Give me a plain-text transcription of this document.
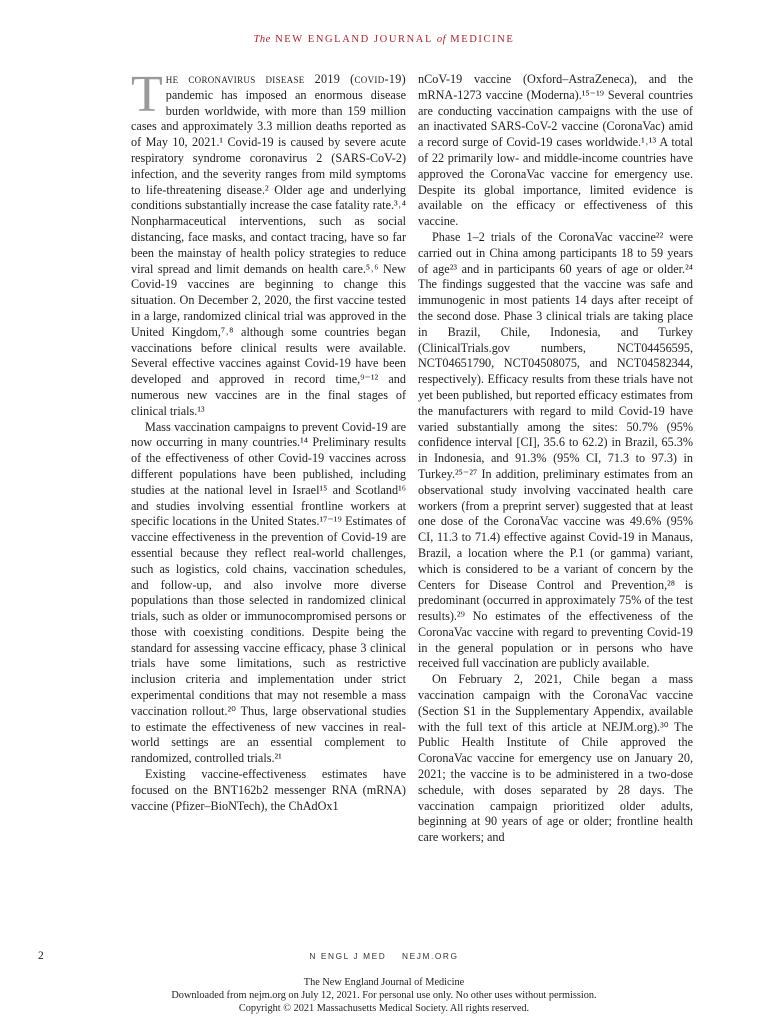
The NEW ENGLAND JOURNAL of MEDICINE

The coronavirus disease 2019 (covid-19) pandemic has imposed an enormous disease burden worldwide, with more than 159 million cases and approximately 3.3 million deaths reported as of May 10, 2021.¹ Covid-19 is caused by severe acute respiratory syndrome coronavirus 2 (SARS-CoV-2) infection, and the severity ranges from mild symptoms to life-threatening disease.² Older age and underlying conditions substantially increase the case fatality rate.³˒⁴ Nonpharmaceutical interventions, such as social distancing, face masks, and contact tracing, have so far been the mainstay of health policy strategies to reduce viral spread and limit demands on health care.⁵˒⁶ New Covid-19 vaccines are beginning to change this situation. On December 2, 2020, the first vaccine tested in a large, randomized clinical trial was approved in the United Kingdom,⁷˒⁸ although some countries began vaccinations before clinical results were available. Several effective vaccines against Covid-19 have been developed and approved in record time,⁹⁻¹² and numerous new vaccines are in the final stages of clinical trials.¹³

Mass vaccination campaigns to prevent Covid-19 are now occurring in many countries.¹⁴ Preliminary results of the effectiveness of other Covid-19 vaccines across different populations have been published, including studies at the national level in Israel¹⁵ and Scotland¹⁶ and studies involving essential frontline workers at specific locations in the United States.¹⁷⁻¹⁹ Estimates of vaccine effectiveness in the prevention of Covid-19 are essential because they reflect real-world challenges, such as logistics, cold chains, vaccination schedules, and follow-up, and also involve more diverse populations than those selected in randomized clinical trials, such as older or immunocompromised persons or those with coexisting conditions. Despite being the standard for assessing vaccine efficacy, phase 3 clinical trials have some limitations, such as restrictive inclusion criteria and implementation under strict experimental conditions that may not resemble a mass vaccination rollout.²⁰ Thus, large observational studies to estimate the effectiveness of new vaccines in real-world settings are an essential complement to randomized, controlled trials.²¹

Existing vaccine-effectiveness estimates have focused on the BNT162b2 messenger RNA (mRNA) vaccine (Pfizer–BioNTech), the ChAdOx1

nCoV-19 vaccine (Oxford–AstraZeneca), and the mRNA-1273 vaccine (Moderna).¹⁵⁻¹⁹ Several countries are conducting vaccination campaigns with the use of an inactivated SARS-CoV-2 vaccine (CoronaVac) amid a record surge of Covid-19 cases worldwide.¹˒¹³ A total of 22 primarily low- and middle-income countries have approved the CoronaVac vaccine for emergency use. Despite its global importance, limited evidence is available on the efficacy or effectiveness of this vaccine.

Phase 1–2 trials of the CoronaVac vaccine²² were carried out in China among participants 18 to 59 years of age²³ and in participants 60 years of age or older.²⁴ The findings suggested that the vaccine was safe and immunogenic in most patients 14 days after receipt of the second dose. Phase 3 clinical trials are taking place in Brazil, Chile, Indonesia, and Turkey (ClinicalTrials.gov numbers, NCT04456595, NCT04651790, NCT04508075, and NCT04582344, respectively). Efficacy results from these trials have not yet been published, but reported efficacy estimates from the manufacturers with regard to mild Covid-19 have varied substantially among the sites: 50.7% (95% confidence interval [CI], 35.6 to 62.2) in Brazil, 65.3% in Indonesia, and 91.3% (95% CI, 71.3 to 97.3) in Turkey.²⁵⁻²⁷ In addition, preliminary estimates from an observational study involving vaccinated health care workers (from a preprint server) suggested that at least one dose of the CoronaVac vaccine was 49.6% (95% CI, 11.3 to 71.4) effective against Covid-19 in Manaus, Brazil, a location where the P.1 (or gamma) variant, which is considered to be a variant of concern by the Centers for Disease Control and Prevention,²⁸ is predominant (occurred in approximately 75% of the test results).²⁹ No estimates of the effectiveness of the CoronaVac vaccine with regard to preventing Covid-19 in the general population or in persons who have received full vaccination are publicly available.

On February 2, 2021, Chile began a mass vaccination campaign with the CoronaVac vaccine (Section S1 in the Supplementary Appendix, available with the full text of this article at NEJM.org).³⁰ The Public Health Institute of Chile approved the CoronaVac vaccine for emergency use on January 20, 2021; the vaccine is to be administered in a two-dose schedule, with doses separated by 28 days. The vaccination campaign prioritized older adults, beginning at 90 years of age or older; frontline health care workers; and

2	N ENGL J MED    NEJM.ORG
The New England Journal of Medicine
Downloaded from nejm.org on July 12, 2021. For personal use only. No other uses without permission.
Copyright © 2021 Massachusetts Medical Society. All rights reserved.
